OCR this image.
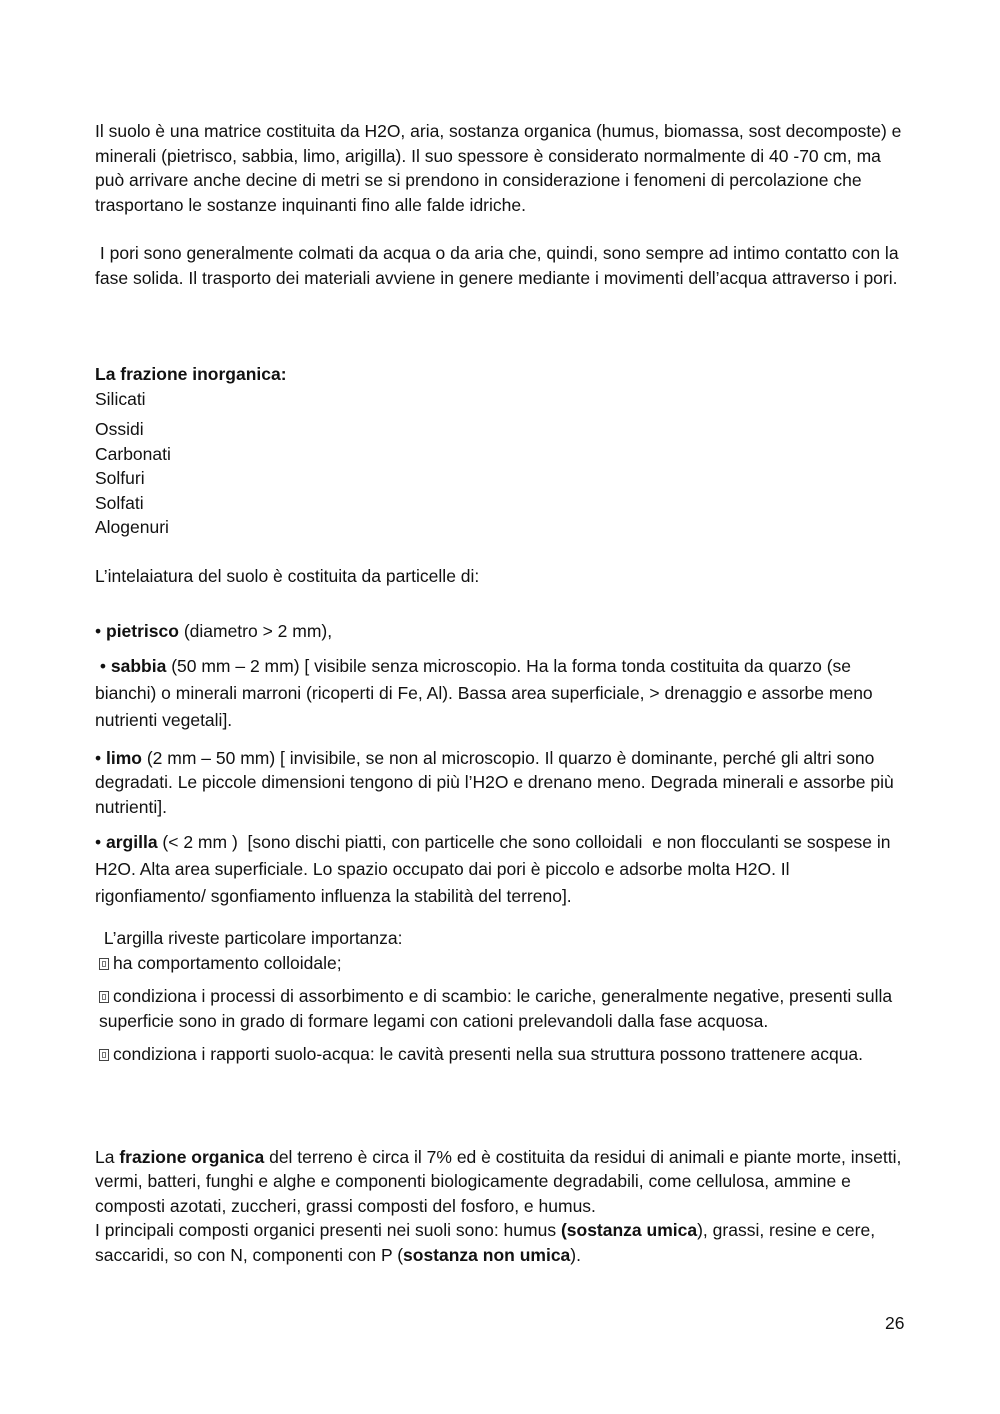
Il suolo è una matrice costituita da H2O, aria, sostanza organica (humus, biomassa, sost decomposte) e minerali (pietrisco, sabbia, limo, arigilla). Il suo spessore è considerato normalmente di 40 -70 cm, ma può arrivare anche decine di metri se si prendono in considerazione i fenomeni di percolazione che trasportano le sostanze inquinanti fino alle falde idriche.

I pori sono generalmente colmati da acqua o da aria che, quindi, sono sempre ad intimo contatto con la fase solida. Il trasporto dei materiali avviene in genere mediante i movimenti dell’acqua attraverso i pori.

La frazione inorganica:

Silicati

Ossidi

Carbonati

Solfuri

Solfati

Alogenuri

L’intelaiatura del suolo è costituita da particelle di:

• pietrisco (diametro > 2 mm),

• sabbia (50 mm – 2 mm) [ visibile senza microscopio. Ha la forma tonda costituita da quarzo (se bianchi) o minerali marroni (ricoperti di Fe, Al). Bassa area superficiale, > drenaggio e assorbe meno nutrienti vegetali].

• limo (2 mm – 50 mm) [ invisibile, se non al microscopio. Il quarzo è dominante, perché gli altri sono degradati. Le piccole dimensioni tengono di più l’H2O e drenano meno. Degrada minerali e assorbe più nutrienti].

• argilla (< 2 mm )  [sono dischi piatti, con particelle che sono colloidali  e non flocculanti se sospese in H2O. Alta area superficiale. Lo spazio occupato dai pori è piccolo e adsorbe molta H2O. Il rigonfiamento/ sgonfiamento influenza la stabilità del terreno].

L’argilla riveste particolare importanza:

ha comportamento colloidale;

condiziona i processi di assorbimento e di scambio: le cariche, generalmente negative, presenti sulla superficie sono in grado di formare legami con cationi prelevandoli dalla fase acquosa.

condiziona i rapporti suolo-acqua: le cavità presenti nella sua struttura possono trattenere acqua.

La frazione organica del terreno è circa il 7% ed è costituita da residui di animali e piante morte, insetti, vermi, batteri, funghi e alghe e componenti biologicamente degradabili, come cellulosa, ammine e composti azotati, zuccheri, grassi composti del fosforo, e humus.

I principali composti organici presenti nei suoli sono: humus (sostanza umica), grassi, resine e cere, saccaridi, so con N, componenti con P (sostanza non umica).

26
